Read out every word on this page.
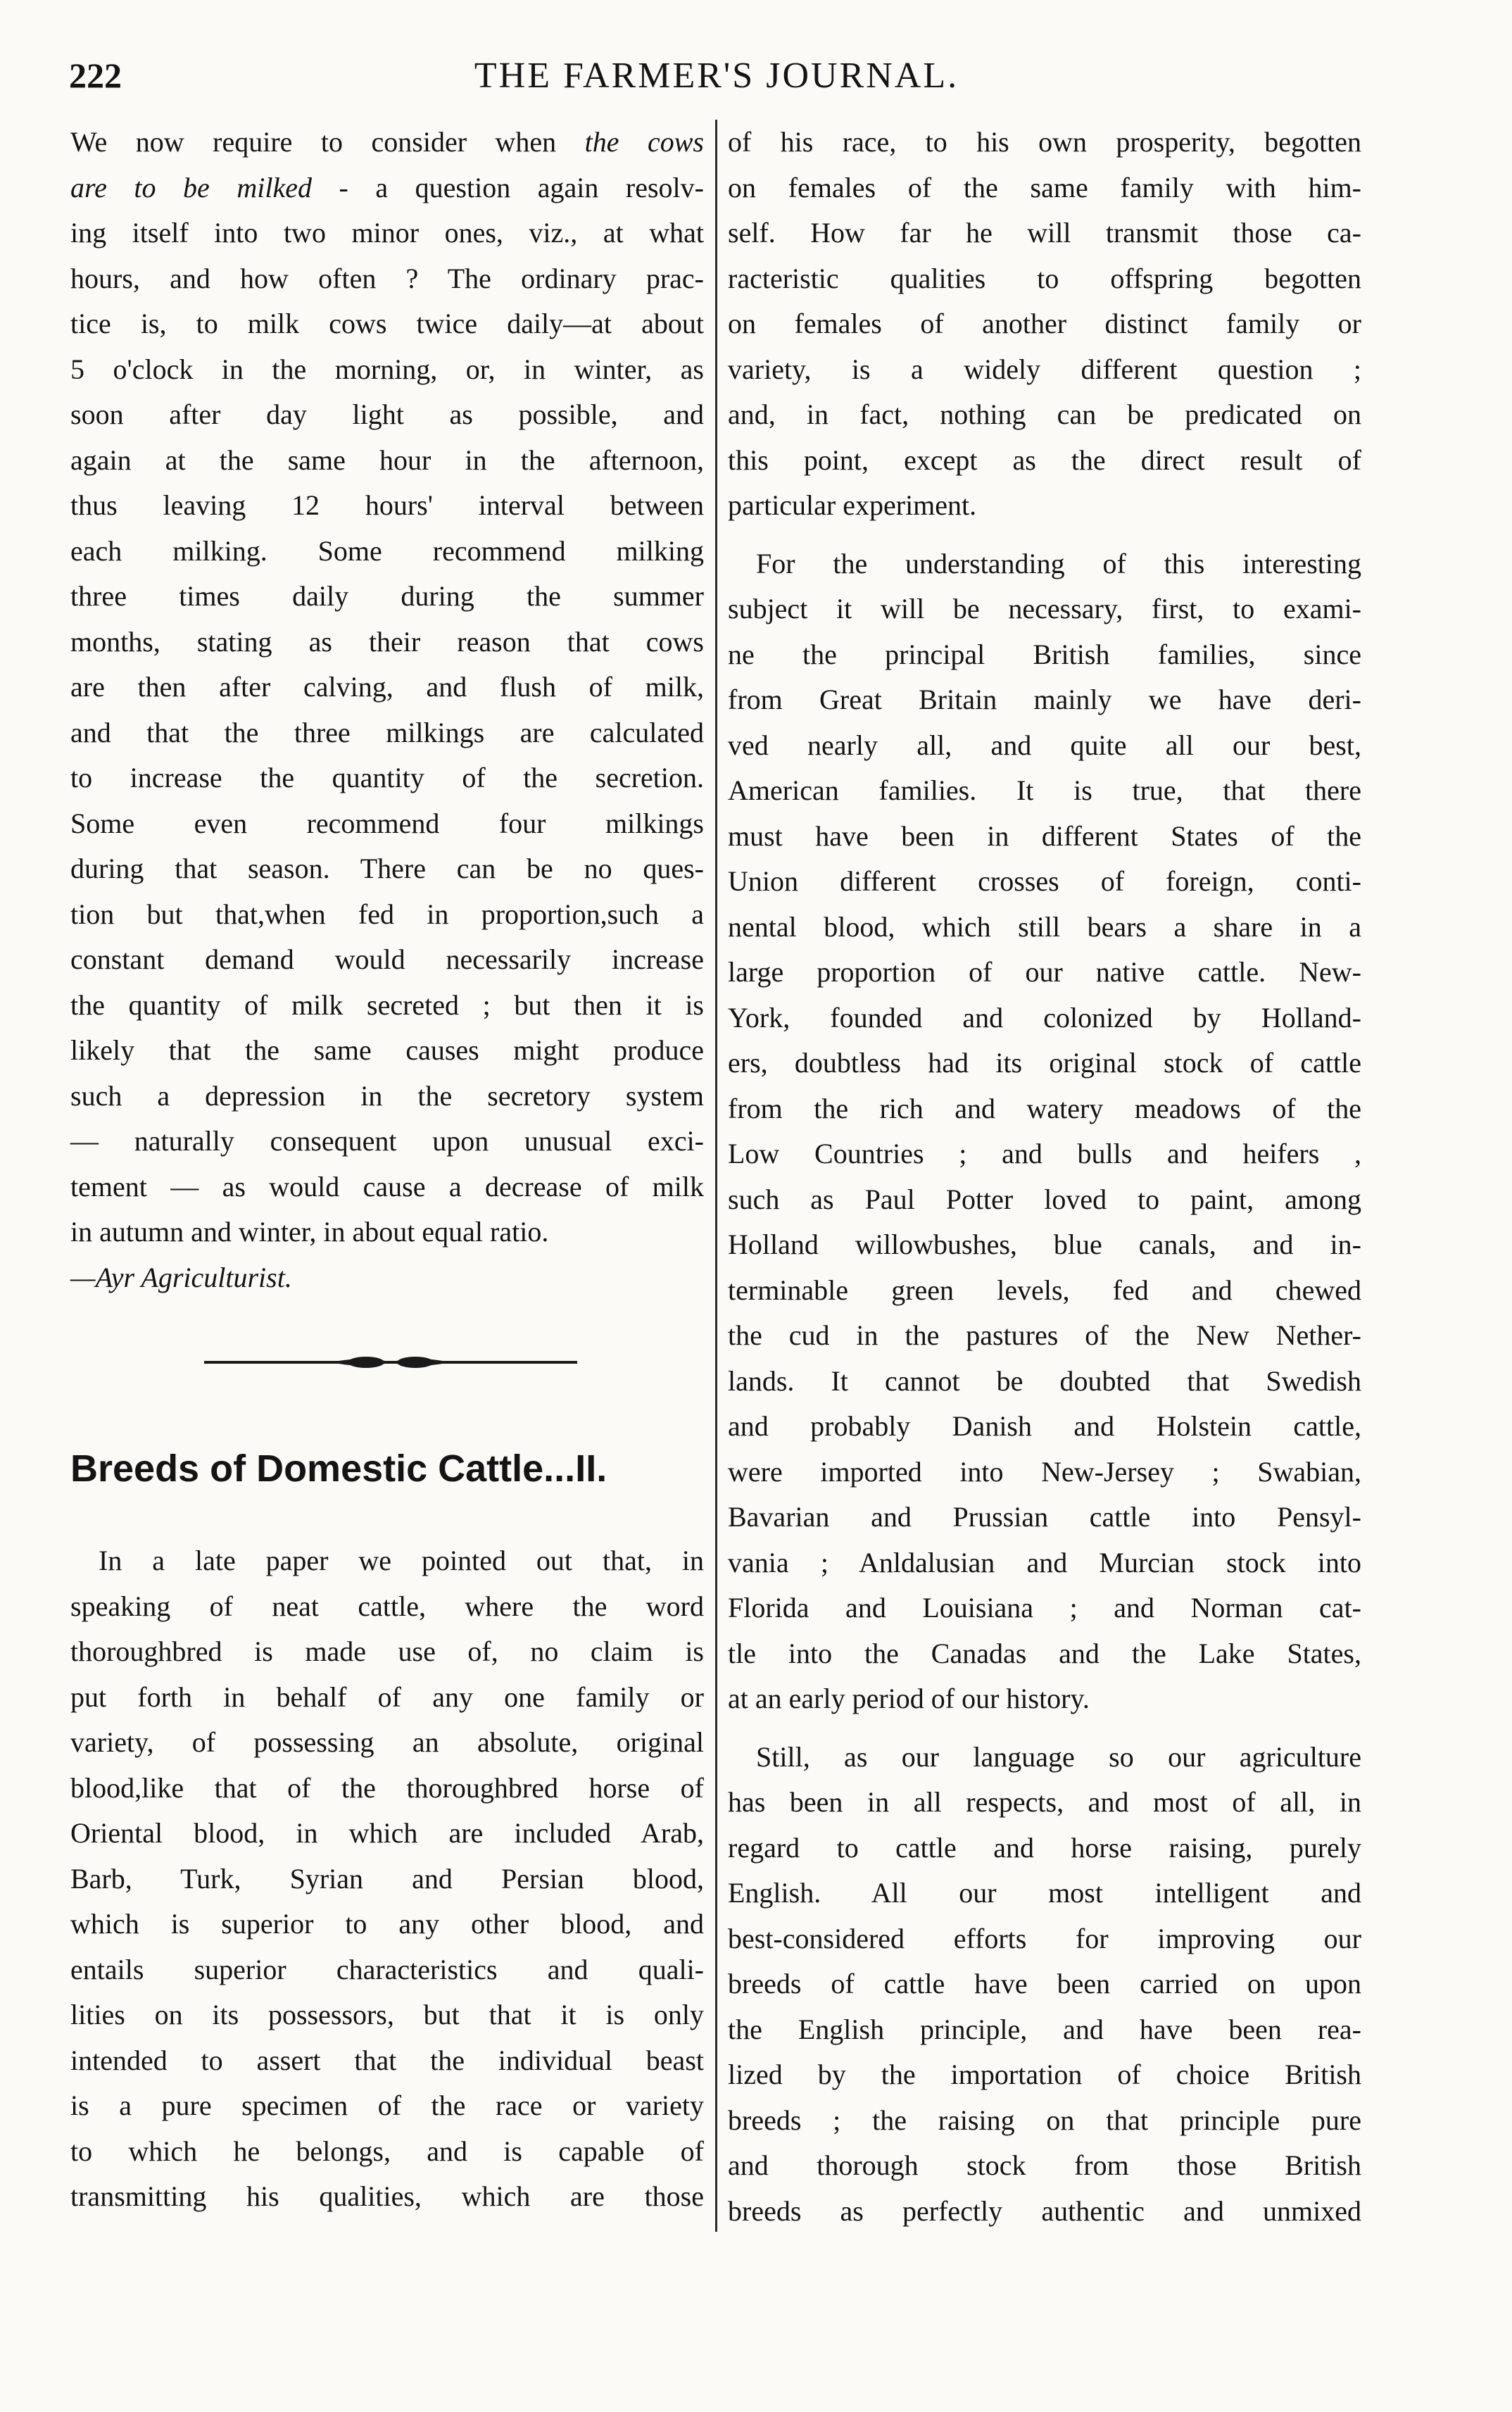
222	THE FARMER'S JOURNAL.
We now require to consider when the cows
are to be milked - a question again resolv-
ing itself into two minor ones, viz., at what
hours, and how often ? The ordinary prac-
tice is, to milk cows twice daily—at about
5 o'clock in the morning, or, in winter, as
soon after day light as possible, and
again at the same hour in the afternoon,
thus leaving 12 hours' interval between
each milking. Some recommend milking
three times daily during the summer
months, stating as their reason that cows
are then after calving, and flush of milk,
and that the three milkings are calculated
to increase the quantity of the secretion.
Some even recommend four milkings
during that season. There can be no ques-
tion but that,when fed in proportion,such a
constant demand would necessarily increase
the quantity of milk secreted ; but then it is
likely that the same causes might produce
such a depression in the secretory system
— naturally consequent upon unusual exci-
tement — as would cause a decrease of milk
in autumn and winter, in about equal ratio.
—Ayr Agriculturist.
Breeds of Domestic Cattle...II.
In a late paper we pointed out that, in
speaking of neat cattle, where the word
thoroughbred is made use of, no claim is
put forth in behalf of any one family or
variety, of possessing an absolute, original
blood,like that of the thoroughbred horse of
Oriental blood, in which are included Arab,
Barb, Turk, Syrian and Persian blood,
which is superior to any other blood, and
entails superior characteristics and quali-
lities on its possessors, but that it is only
intended to assert that the individual beast
is a pure specimen of the race or variety
to which he belongs, and is capable of
transmitting his qualities, which are those
of his race, to his own prosperity, begotten
on females of the same family with him-
self. How far he will transmit those ca-
racteristic qualities to offspring begotten
on females of another distinct family or
variety, is a widely different question ;
and, in fact, nothing can be predicated on
this point, except as the direct result of
particular experiment.
For the understanding of this interesting
subject it will be necessary, first, to exami-
ne the principal British families, since
from Great Britain mainly we have deri-
ved nearly all, and quite all our best,
American families. It is true, that there
must have been in different States of the
Union different crosses of foreign, conti-
nental blood, which still bears a share in a
large proportion of our native cattle. New-
York, founded and colonized by Holland-
ers, doubtless had its original stock of cattle
from the rich and watery meadows of the
Low Countries ; and bulls and heifers ,
such as Paul Potter loved to paint, among
Holland willowbushes, blue canals, and in-
terminable green levels, fed and chewed
the cud in the pastures of the New Nether-
lands. It cannot be doubted that Swedish
and probably Danish and Holstein cattle,
were imported into New-Jersey ; Swabian,
Bavarian and Prussian cattle into Pensyl-
vania ; Anldalusian and Murcian stock into
Florida and Louisiana ; and Norman cat-
tle into the Canadas and the Lake States,
at an early period of our history.
Still, as our language so our agriculture
has been in all respects, and most of all, in
regard to cattle and horse raising, purely
English. All our most intelligent and
best-considered efforts for improving our
breeds of cattle have been carried on upon
the English principle, and have been rea-
lized by the importation of choice British
breeds ; the raising on that principle pure
and thorough stock from those British
breeds as perfectly authentic and unmixed
